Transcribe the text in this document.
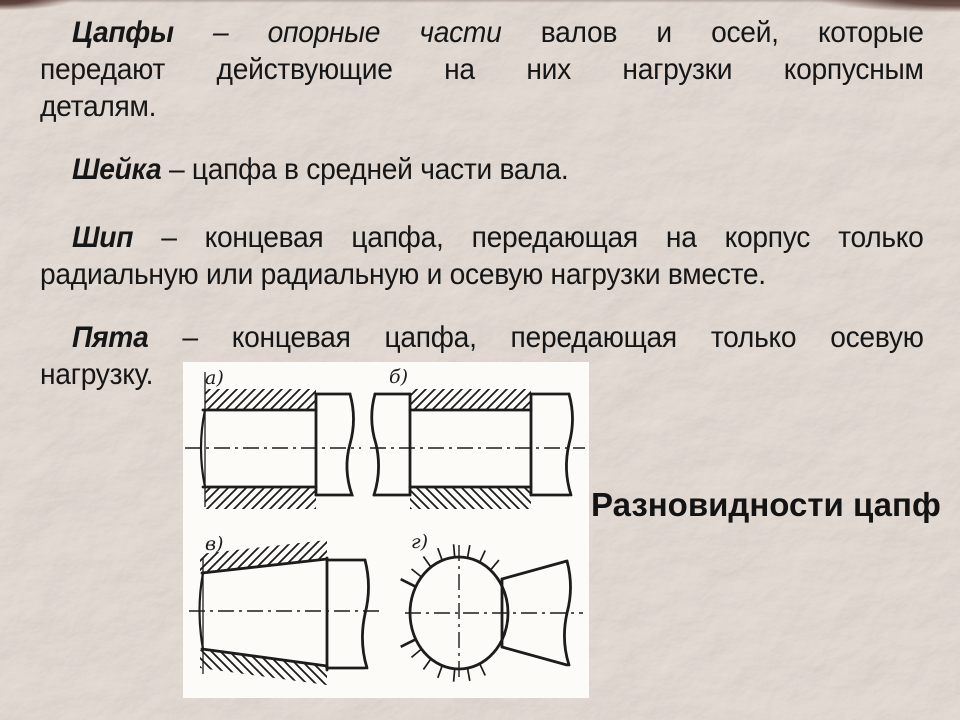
Цапфы – опорные части валов и осей, которые
передают действующие на них нагрузки корпусным
деталям.
Шейка – цапфа в средней части вала.
Шип – концевая цапфа, передающая на корпус только
радиальную или радиальную и осевую нагрузки вместе.
Пята – концевая цапфа, передающая только осевую
нагрузку.	а)	б)
в)	г)
Разновидности цапф
